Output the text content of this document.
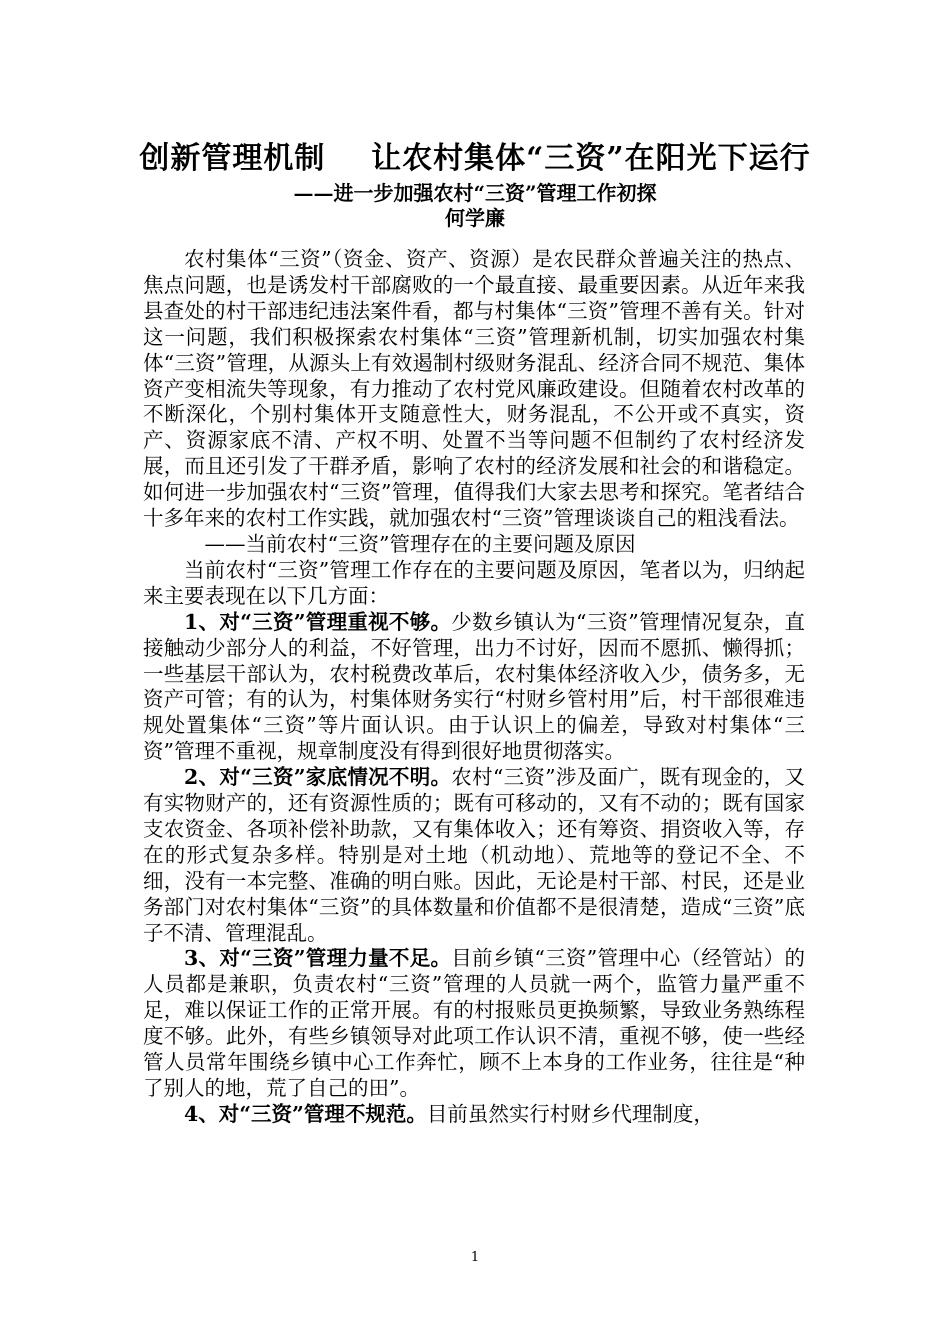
创新管理机制    让农村集体“三资”在阳光下运行
——进一步加强农村“三资”管理工作初探
何学廉

农村集体“三资”（资金、资产、资源）是农民群众普遍关注的热点、焦点问题，也是诱发村干部腐败的一个最直接、最重要因素。从近年来我县查处的村干部违纪违法案件看，都与村集体“三资”管理不善有关。针对这一问题，我们积极探索农村集体“三资”管理新机制，切实加强农村集体“三资”管理，从源头上有效遏制村级财务混乱、经济合同不规范、集体资产变相流失等现象，有力推动了农村党风廉政建设。但随着农村改革的不断深化，个别村集体开支随意性大，财务混乱，不公开或不真实，资产、资源家底不清、产权不明、处置不当等问题不但制约了农村经济发展，而且还引发了干群矛盾，影响了农村的经济发展和社会的和谐稳定。如何进一步加强农村“三资”管理，值得我们大家去思考和探究。笔者结合十多年来的农村工作实践，就加强农村“三资”管理谈谈自己的粗浅看法。

——当前农村“三资”管理存在的主要问题及原因

当前农村“三资”管理工作存在的主要问题及原因，笔者以为，归纳起来主要表现在以下几方面：

1、对“三资”管理重视不够。少数乡镇认为“三资”管理情况复杂，直接触动少部分人的利益，不好管理，出力不讨好，因而不愿抓、懒得抓；一些基层干部认为，农村税费改革后，农村集体经济收入少，债务多，无资产可管；有的认为，村集体财务实行“村财乡管村用”后，村干部很难违规处置集体“三资”等片面认识。由于认识上的偏差，导致对村集体“三资”管理不重视，规章制度没有得到很好地贯彻落实。

2、对“三资”家底情况不明。农村“三资”涉及面广，既有现金的，又有实物财产的，还有资源性质的；既有可移动的，又有不动的；既有国家支农资金、各项补偿补助款，又有集体收入；还有筹资、捐资收入等，存在的形式复杂多样。特别是对土地（机动地）、荒地等的登记不全、不细，没有一本完整、准确的明白账。因此，无论是村干部、村民，还是业务部门对农村集体“三资”的具体数量和价值都不是很清楚，造成“三资”底子不清、管理混乱。

3、对“三资”管理力量不足。目前乡镇“三资”管理中心（经管站）的人员都是兼职，负责农村“三资”管理的人员就一两个，监管力量严重不足，难以保证工作的正常开展。有的村报账员更换频繁，导致业务熟练程度不够。此外，有些乡镇领导对此项工作认识不清，重视不够，使一些经管人员常年围绕乡镇中心工作奔忙，顾不上本身的工作业务，往往是“种了别人的地，荒了自己的田”。

4、对“三资”管理不规范。目前虽然实行村财乡代理制度，

1
